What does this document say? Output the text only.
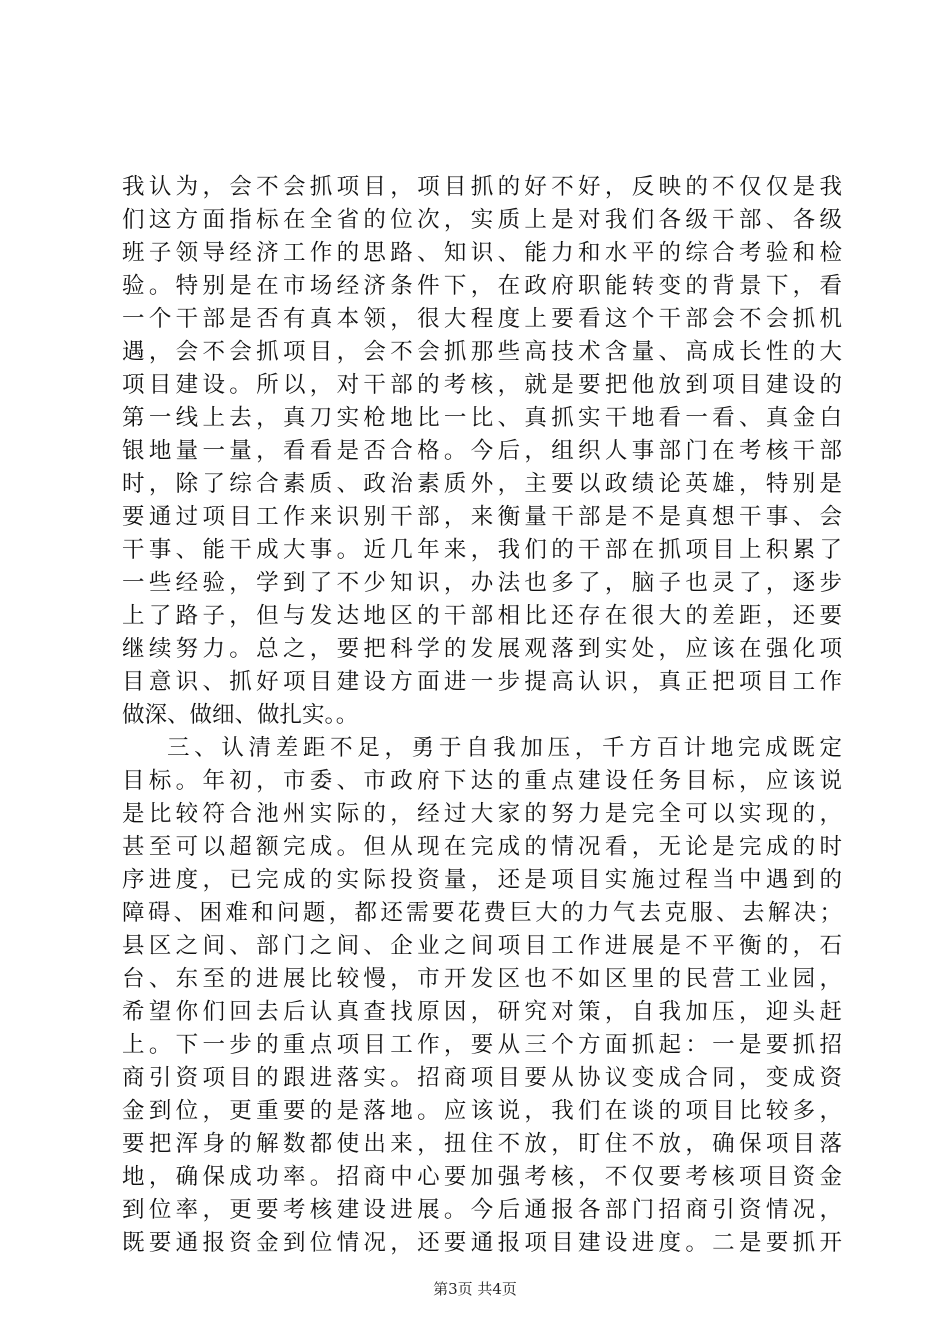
我认为，会不会抓项目，项目抓的好不好，反映的不仅仅是我
们这方面指标在全省的位次，实质上是对我们各级干部、各级
班子领导经济工作的思路、知识、能力和水平的综合考验和检
验。特别是在市场经济条件下，在政府职能转变的背景下，看
一个干部是否有真本领，很大程度上要看这个干部会不会抓机
遇，会不会抓项目，会不会抓那些高技术含量、高成长性的大
项目建设。所以，对干部的考核，就是要把他放到项目建设的
第一线上去，真刀实枪地比一比、真抓实干地看一看、真金白
银地量一量，看看是否合格。今后，组织人事部门在考核干部
时，除了综合素质、政治素质外，主要以政绩论英雄，特别是
要通过项目工作来识别干部，来衡量干部是不是真想干事、会
干事、能干成大事。近几年来，我们的干部在抓项目上积累了
一些经验，学到了不少知识，办法也多了，脑子也灵了，逐步
上了路子，但与发达地区的干部相比还存在很大的差距，还要
继续努力。总之，要把科学的发展观落到实处，应该在强化项
目意识、抓好项目建设方面进一步提高认识，真正把项目工作
做深、做细、做扎实。。
三、认清差距不足，勇于自我加压，千方百计地完成既定
目标。年初，市委、市政府下达的重点建设任务目标，应该说
是比较符合池州实际的，经过大家的努力是完全可以实现的，
甚至可以超额完成。但从现在完成的情况看，无论是完成的时
序进度，已完成的实际投资量，还是项目实施过程当中遇到的
障碍、困难和问题，都还需要花费巨大的力气去克服、去解决；
县区之间、部门之间、企业之间项目工作进展是不平衡的，石
台、东至的进展比较慢，市开发区也不如区里的民营工业园，
希望你们回去后认真查找原因，研究对策，自我加压，迎头赶
上。下一步的重点项目工作，要从三个方面抓起：一是要抓招
商引资项目的跟进落实。招商项目要从协议变成合同，变成资
金到位，更重要的是落地。应该说，我们在谈的项目比较多，
要把浑身的解数都使出来，扭住不放，盯住不放，确保项目落
地，确保成功率。招商中心要加强考核，不仅要考核项目资金
到位率，更要考核建设进展。今后通报各部门招商引资情况，
既要通报资金到位情况，还要通报项目建设进度。二是要抓开
第3页 共4页
